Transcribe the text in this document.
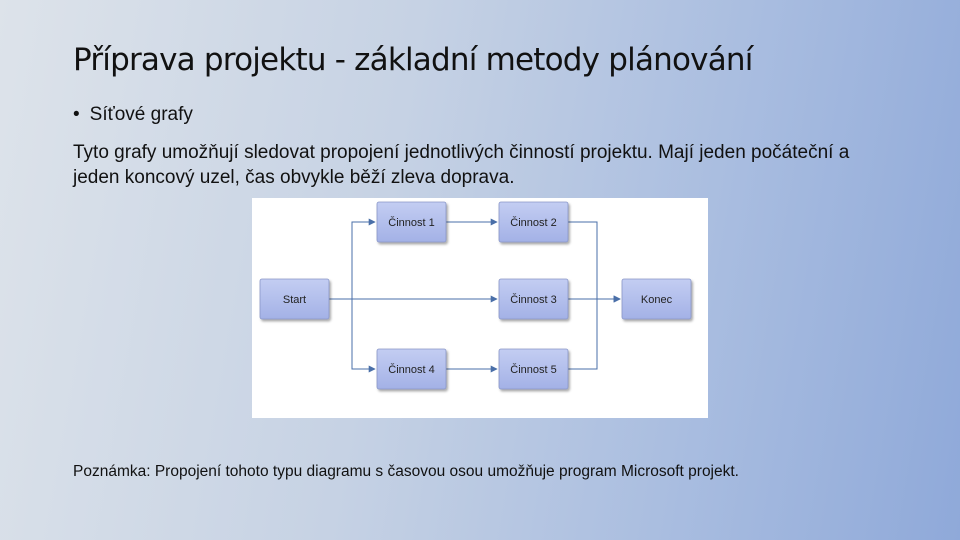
Příprava projektu - základní metody plánování
• Síťové grafy
Tyto grafy umožňují sledovat propojení jednotlivých činností projektu. Mají jeden počáteční a jeden koncový uzel, čas obvykle běží zleva doprava.
Start
Činnost 1	Činnost 2
Činnost 3
Činnost 4	Činnost 5
Konec
Poznámka: Propojení tohoto typu diagramu s časovou osou umožňuje program Microsoft projekt.
